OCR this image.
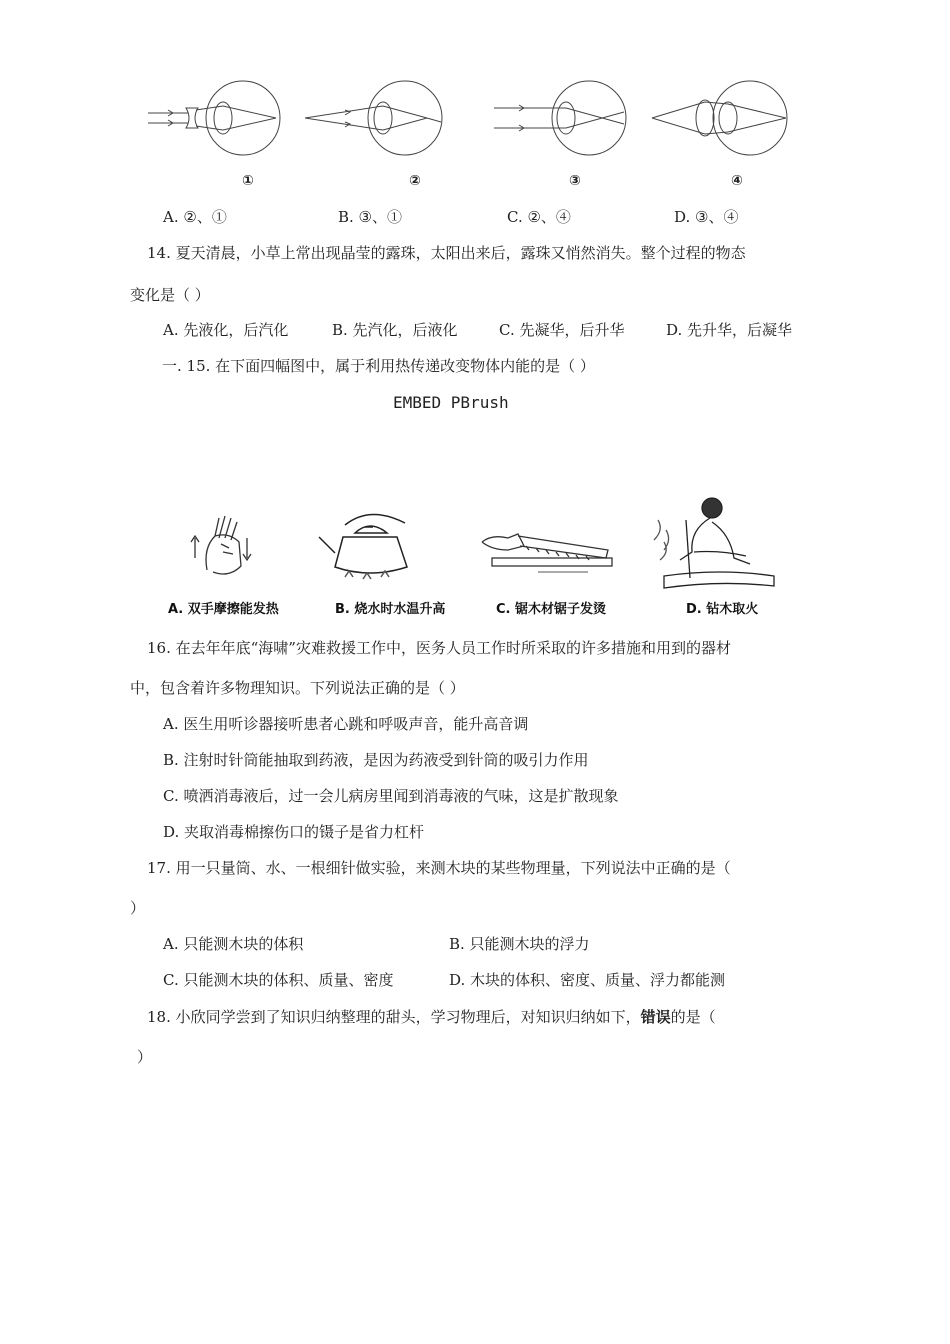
①	②	③	④
A. ②、①	B. ③、①	C. ②、④	D. ③、④
14. 夏天清晨，小草上常出现晶莹的露珠，太阳出来后，露珠又悄然消失。整个过程的物态
变化是（ ）
A. 先液化，后汽化	B. 先汽化，后液化	C. 先凝华，后升华	D. 先升华，后凝华
一. 15. 在下面四幅图中，属于利用热传递改变物体内能的是（ ）
EMBED PBrush
A. 双手摩擦能发热	B. 烧水时水温升高	C. 锯木材锯子发烫	D. 钻木取火
16. 在去年年底“海啸”灾难救援工作中，医务人员工作时所采取的许多措施和用到的器材
中，包含着许多物理知识。下列说法正确的是（ ）
A. 医生用听诊器接听患者心跳和呼吸声音，能升高音调
B. 注射时针筒能抽取到药液，是因为药液受到针筒的吸引力作用
C. 喷洒消毒液后，过一会儿病房里闻到消毒液的气味，这是扩散现象
D. 夹取消毒棉擦伤口的镊子是省力杠杆
17. 用一只量筒、水、一根细针做实验，来测木块的某些物理量，下列说法中正确的是（
）
A. 只能测木块的体积	B. 只能测木块的浮力
C. 只能测木块的体积、质量、密度	D. 木块的体积、密度、质量、浮力都能测
18. 小欣同学尝到了知识归纳整理的甜头，学习物理后，对知识归纳如下，错误的是（
）
